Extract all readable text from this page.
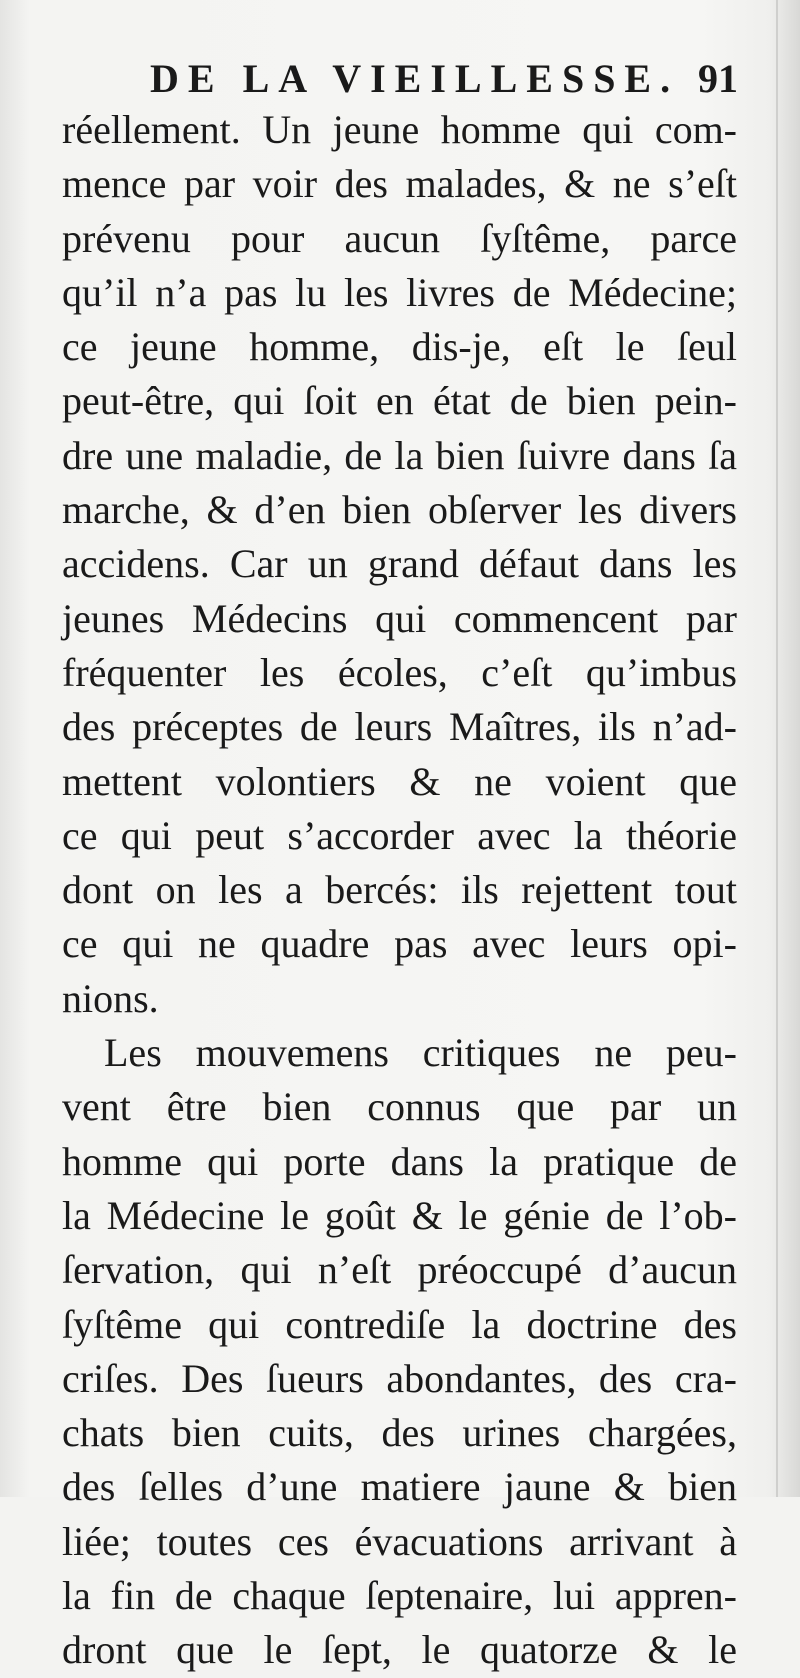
DE LA VIEILLESSE. 91
réellement. Un jeune homme qui com-
mence par voir des malades, & ne s’eſt
prévenu pour aucun ſyſtême, parce
qu’il n’a pas lu les livres de Médecine;
ce jeune homme, dis-je, eſt le ſeul
peut-être, qui ſoit en état de bien pein-
dre une maladie, de la bien ſuivre dans ſa
marche, & d’en bien obſerver les divers
accidens. Car un grand défaut dans les
jeunes Médecins qui commencent par
fréquenter les écoles, c’eſt qu’imbus
des préceptes de leurs Maîtres, ils n’ad-
mettent volontiers & ne voient que
ce qui peut s’accorder avec la théorie
dont on les a bercés: ils rejettent tout
ce qui ne quadre pas avec leurs opi-
nions.
Les mouvemens critiques ne peu-
vent être bien connus que par un
homme qui porte dans la pratique de
la Médecine le goût & le génie de l’ob-
ſervation, qui n’eſt préoccupé d’aucun
ſyſtême qui contrediſe la doctrine des
criſes. Des ſueurs abondantes, des cra-
chats bien cuits, des urines chargées,
des ſelles d’une matiere jaune & bien
liée; toutes ces évacuations arrivant à
la fin de chaque ſeptenaire, lui appren-
dront que le ſept, le quatorze & le
